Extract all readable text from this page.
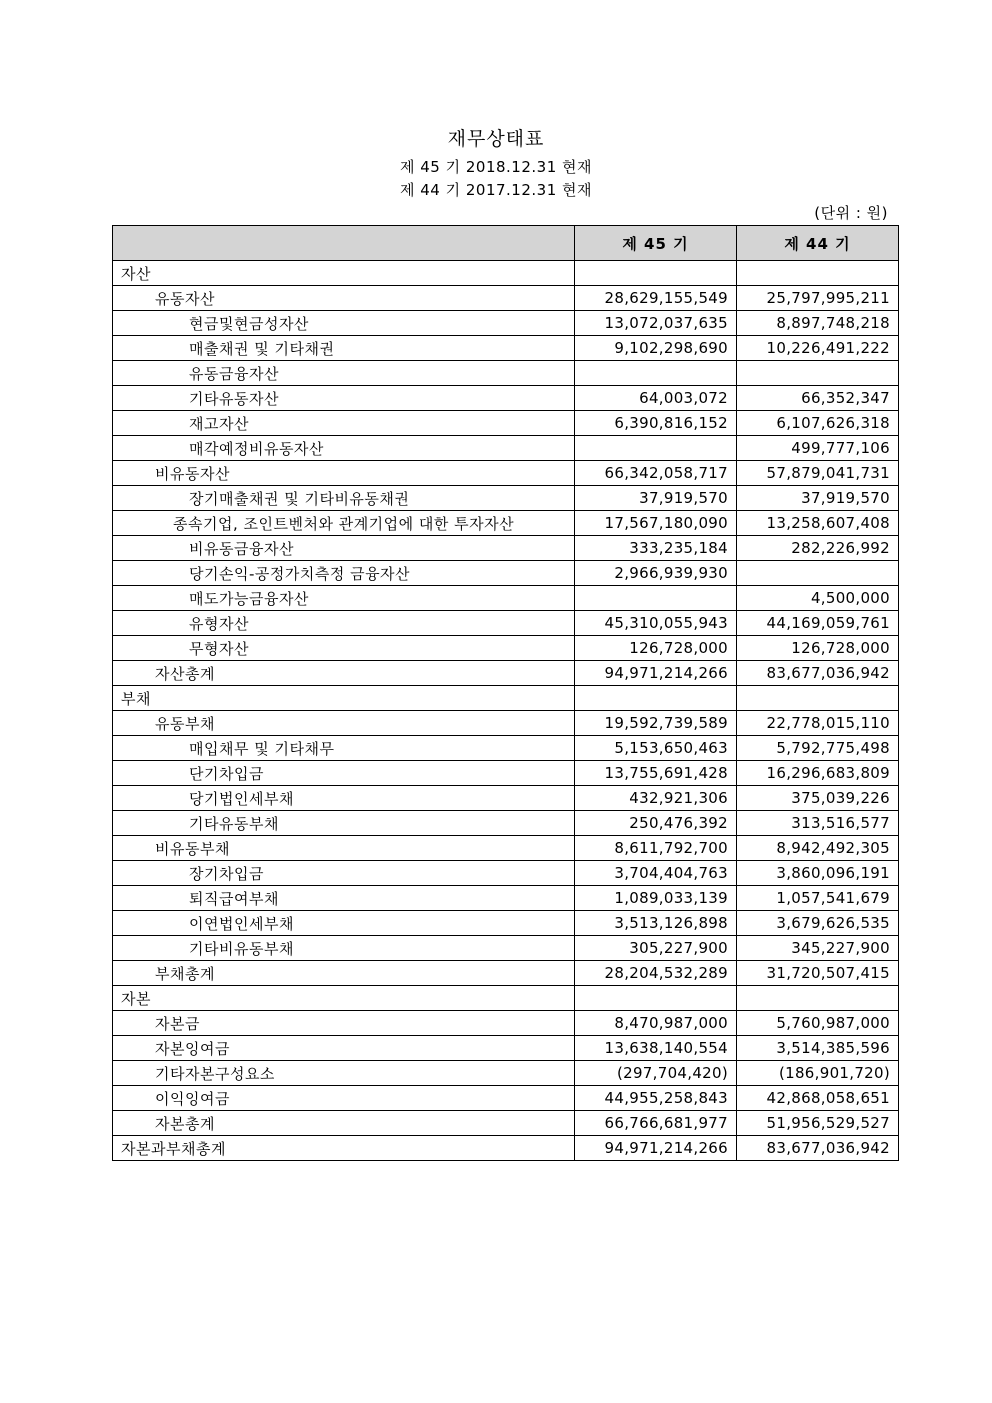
재무상태표
제 45 기 2018.12.31 현재
제 44 기 2017.12.31 현재
(단위 : 원)
	제 45 기	제 44 기
자산		
유동자산	28,629,155,549	25,797,995,211
현금및현금성자산	13,072,037,635	8,897,748,218
매출채권 및 기타채권	9,102,298,690	10,226,491,222
유동금융자산		
기타유동자산	64,003,072	66,352,347
재고자산	6,390,816,152	6,107,626,318
매각예정비유동자산		499,777,106
비유동자산	66,342,058,717	57,879,041,731
장기매출채권 및 기타비유동채권	37,919,570	37,919,570
종속기업, 조인트벤처와 관계기업에 대한 투자자산	17,567,180,090	13,258,607,408
비유동금융자산	333,235,184	282,226,992
당기손익-공정가치측정 금융자산	2,966,939,930	
매도가능금융자산		4,500,000
유형자산	45,310,055,943	44,169,059,761
무형자산	126,728,000	126,728,000
자산총계	94,971,214,266	83,677,036,942
부채		
유동부채	19,592,739,589	22,778,015,110
매입채무 및 기타채무	5,153,650,463	5,792,775,498
단기차입금	13,755,691,428	16,296,683,809
당기법인세부채	432,921,306	375,039,226
기타유동부채	250,476,392	313,516,577
비유동부채	8,611,792,700	8,942,492,305
장기차입금	3,704,404,763	3,860,096,191
퇴직급여부채	1,089,033,139	1,057,541,679
이연법인세부채	3,513,126,898	3,679,626,535
기타비유동부채	305,227,900	345,227,900
부채총계	28,204,532,289	31,720,507,415
자본		
자본금	8,470,987,000	5,760,987,000
자본잉여금	13,638,140,554	3,514,385,596
기타자본구성요소	(297,704,420)	(186,901,720)
이익잉여금	44,955,258,843	42,868,058,651
자본총계	66,766,681,977	51,956,529,527
자본과부채총계	94,971,214,266	83,677,036,942
